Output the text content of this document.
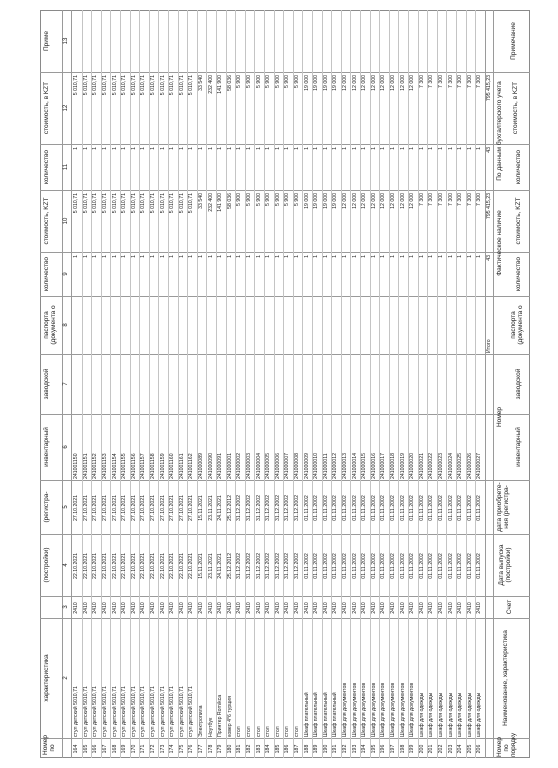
Номер по
характеристика
(постройки)
(регистра-
инвентарный
заводской
паспорта (документа о
количество
стоимость, KZT
количество
стоимость, в KZT
Приме
2
3
4
5
6
7
8
9
10
11
12
13
164
стул детский 5010,71
2410
22.10.2021
27.10.2021
241001150
1
5 010,71
1
5 010,71
165
стул детский 5010,71
2410
22.10.2021
27.10.2021
241001151
1
5 010,71
1
5 010,71
166
стул детский 5010,71
2410
22.10.2021
27.10.2021
241001152
1
5 010,71
1
5 010,71
167
стул детский 5010,71
2410
22.10.2021
27.10.2021
241001153
1
5 010,71
1
5 010,71
168
стул детский 5010,71
2410
22.10.2021
27.10.2021
241001154
1
5 010,71
1
5 010,71
169
стул детский 5010,71
2410
22.10.2021
27.10.2021
241001155
1
5 010,71
1
5 010,71
170
стул детский 5010,71
2410
22.10.2021
27.10.2021
241001156
1
5 010,71
1
5 010,71
171
стул детский 5010,71
2410
22.10.2021
27.10.2021
241001157
1
5 010,71
1
5 010,71
172
стул детский 5010,71
2410
22.10.2021
27.10.2021
241001158
1
5 010,71
1
5 010,71
173
стул детский 5010,71
2410
22.10.2021
27.10.2021
241001159
1
5 010,71
1
5 010,71
174
стул детский 5010,71
2410
22.10.2021
27.10.2021
241001160
1
5 010,71
1
5 010,71
175
стул детский 5010,71
2410
22.10.2021
27.10.2021
241001161
1
5 010,71
1
5 010,71
176
стул детский 5010,71
2410
22.10.2021
27.10.2021
241001162
1
5 010,71
1
5 010,71
177
Электропила
2410
15.11.2021
15.11.2021
241000089
1
33 540
1
33 540
178
Ноутбук
2410
23.11.2021
23.11.2021
241000090
1
232 400
1
232 400
179
Принтер Romikca
2410
24.11.2021
24.11.2021
241000091
1
141 900
1
141 900
180
ковер 4*6 турция
2410
25.12.2012
25.12.2012
241000001
1
58 036
1
58 036
181
стол
2410
31.12.2002
31.12.2002
241000002
1
5 900
1
5 900
182
стол
2410
31.12.2002
31.12.2002
241000003
1
5 900
1
5 900
183
стол
2410
31.12.2002
31.12.2002
241000004
1
5 900
1
5 900
184
стол
2410
31.12.2002
31.12.2002
241000005
1
5 900
1
5 900
185
стол
2410
31.12.2002
31.12.2002
241000006
1
5 900
1
5 900
186
стол
2410
31.12.2002
31.12.2002
241000007
1
5 900
1
5 900
187
стол
2410
31.12.2002
31.12.2002
241000008
1
5 900
1
5 900
188
Шкаф плательный
2410
01.11.2002
01.11.2002
241000009
1
19 000
1
19 000
189
Шкаф плательный
2410
01.11.2002
01.11.2002
241000010
1
19 000
1
19 000
190
Шкаф плательный
2410
01.11.2002
01.11.2002
241000011
1
19 000
1
19 000
191
Шкаф плательный
2410
01.11.2002
01.11.2002
241000012
1
19 000
1
19 000
192
Шкаф для документов
2410
01.11.2002
01.11.2002
241000013
1
12 000
1
12 000
193
Шкаф для документов
2410
01.11.2002
01.11.2002
241000014
1
12 000
1
12 000
194
Шкаф для документов
2410
01.11.2002
01.11.2002
241000015
1
12 000
1
12 000
195
Шкаф для документов
2410
01.11.2002
01.11.2002
241000016
1
12 000
1
12 000
196
Шкаф для документов
2410
01.11.2002
01.11.2002
241000017
1
12 000
1
12 000
197
Шкаф для документов
2410
01.11.2002
01.11.2002
241000018
1
12 000
1
12 000
198
Шкаф для документов
2410
01.11.2002
01.11.2002
241000019
1
12 000
1
12 000
199
Шкаф для документов
2410
01.11.2002
01.11.2002
241000020
1
12 000
1
12 000
200
шкаф для одежды
2410
01.11.2002
01.11.2002
241000021
1
7 300
1
7 300
201
шкаф для одежды
2410
01.11.2002
01.11.2002
241000022
1
7 300
1
7 300
202
шкаф для одежды
2410
01.11.2002
01.11.2002
241000023
1
7 300
1
7 300
203
шкаф для одежды
2410
01.11.2002
01.11.2002
241000024
1
7 300
1
7 300
204
шкаф для одежды
2410
01.11.2002
01.11.2002
241000025
1
7 300
1
7 300
205
шкаф для одежды
2410
01.11.2002
01.11.2002
241000026
1
7 300
1
7 300
206
шкаф для одежды
2410
01.11.2002
01.11.2002
241000027
1
7 300
1
7 300
Итого
43
795 415,23
43
795 415,23
Номер по порядку
Наименование, характеристика
Счет
Дата выпуска (постройки)
дата приобрете-ния (регистра-
Номер
инвентарный
заводской
паспорта (документа о
Фактическое наличие количество
стоимость, KZT
По данным бухгалтерского учета количество
стоимость, в KZT
Примечание
